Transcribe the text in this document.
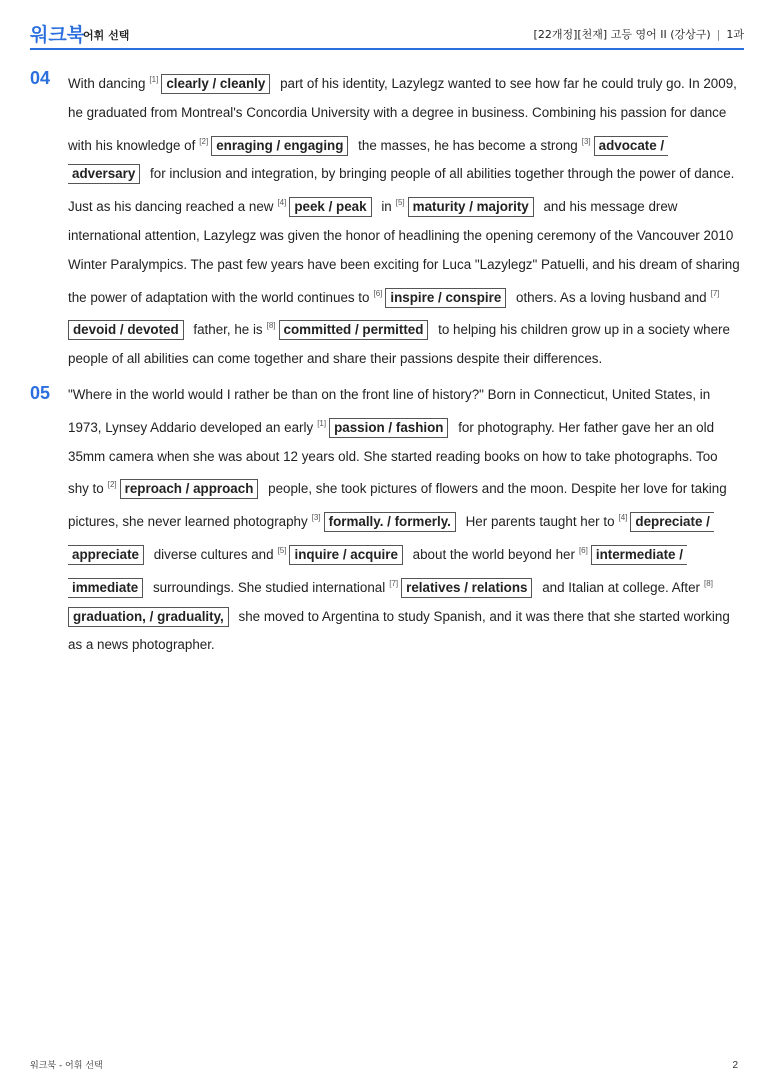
워크북
어휘 선택	[22개정][천재] 고등 영어 II (강상구) | 1과
04 With dancing [1] clearly / cleanly part of his identity, Lazylegz wanted to see how far he could truly go. In 2009, he graduated from Montreal's Concordia University with a degree in business. Combining his passion for dance with his knowledge of [2] enraging / engaging the masses, he has become a strong [3] advocate / adversary for inclusion and integration, by bringing people of all abilities together through the power of dance. Just as his dancing reached a new [4] peek / peak in [5] maturity / majority and his message drew international attention, Lazylegz was given the honor of headlining the opening ceremony of the Vancouver 2010 Winter Paralympics. The past few years have been exciting for Luca "Lazylegz" Patuelli, and his dream of sharing the power of adaptation with the world continues to [6] inspire / conspire others. As a loving husband and [7]devoid / devoted father, he is [8] committed / permitted to helping his children grow up in a society where people of all abilities can come together and share their passions despite their differences.
05 "Where in the world would I rather be than on the front line of history?" Born in Connecticut, United States, in 1973, Lynsey Addario developed an early [1] passion / fashion for photography. Her father gave her an old 35mm camera when she was about 12 years old. She started reading books on how to take photographs. Too shy to [2] reproach / approach people, she took pictures of flowers and the moon. Despite her love for taking pictures, she never learned photography [3] formally. / formerly. Her parents taught her to [4] depreciate / appreciate diverse cultures and [5] inquire / acquire about the world beyond her [6] intermediate / immediate surroundings. She studied international [7] relatives / relations and Italian at college. After [8]graduation, / graduality, she moved to Argentina to study Spanish, and it was there that she started working as a news photographer.
워크북 - 어휘 선택	2
